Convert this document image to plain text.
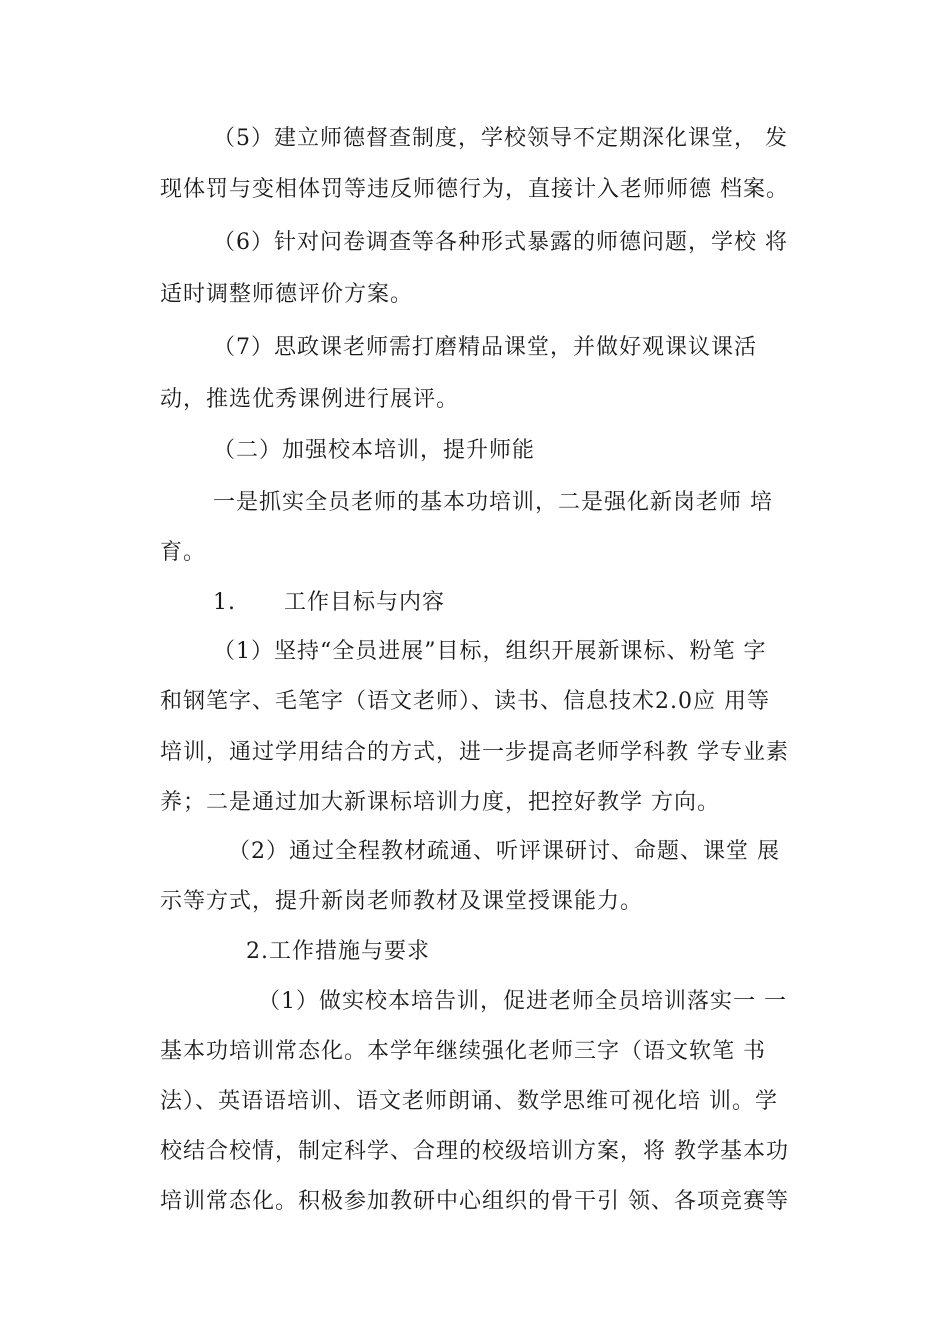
（5）建立师德督查制度，学校领导不定期深化课堂， 发
现体罚与变相体罚等违反师德行为，直接计入老师师德 档案。
（6）针对问卷调查等各种形式暴露的师德问题，学校 将
适时调整师德评价方案。
（7）思政课老师需打磨精品课堂，并做好观课议课活
动，推选优秀课例进行展评。
（二）加强校本培训，提升师能
一是抓实全员老师的基本功培训，二是强化新岗老师 培
育。
1.      工作目标与内容
（1）坚持“全员进展”目标，组织开展新课标、粉笔 字
和钢笔字、毛笔字（语文老师）、读书、信息技术2.0应 用等
培训，通过学用结合的方式，进一步提高老师学科教 学专业素
养；二是通过加大新课标培训力度，把控好教学 方向。
（2）通过全程教材疏通、听评课研讨、命题、课堂 展
示等方式，提升新岗老师教材及课堂授课能力。
2.工作措施与要求
（1）做实校本培告训，促进老师全员培训落实一 一
基本功培训常态化。本学年继续强化老师三字（语文软笔 书
法）、英语语培训、语文老师朗诵、数学思维可视化培 训。学
校结合校情，制定科学、合理的校级培训方案，将 教学基本功
培训常态化。积极参加教研中心组织的骨干引 领、各项竞赛等
